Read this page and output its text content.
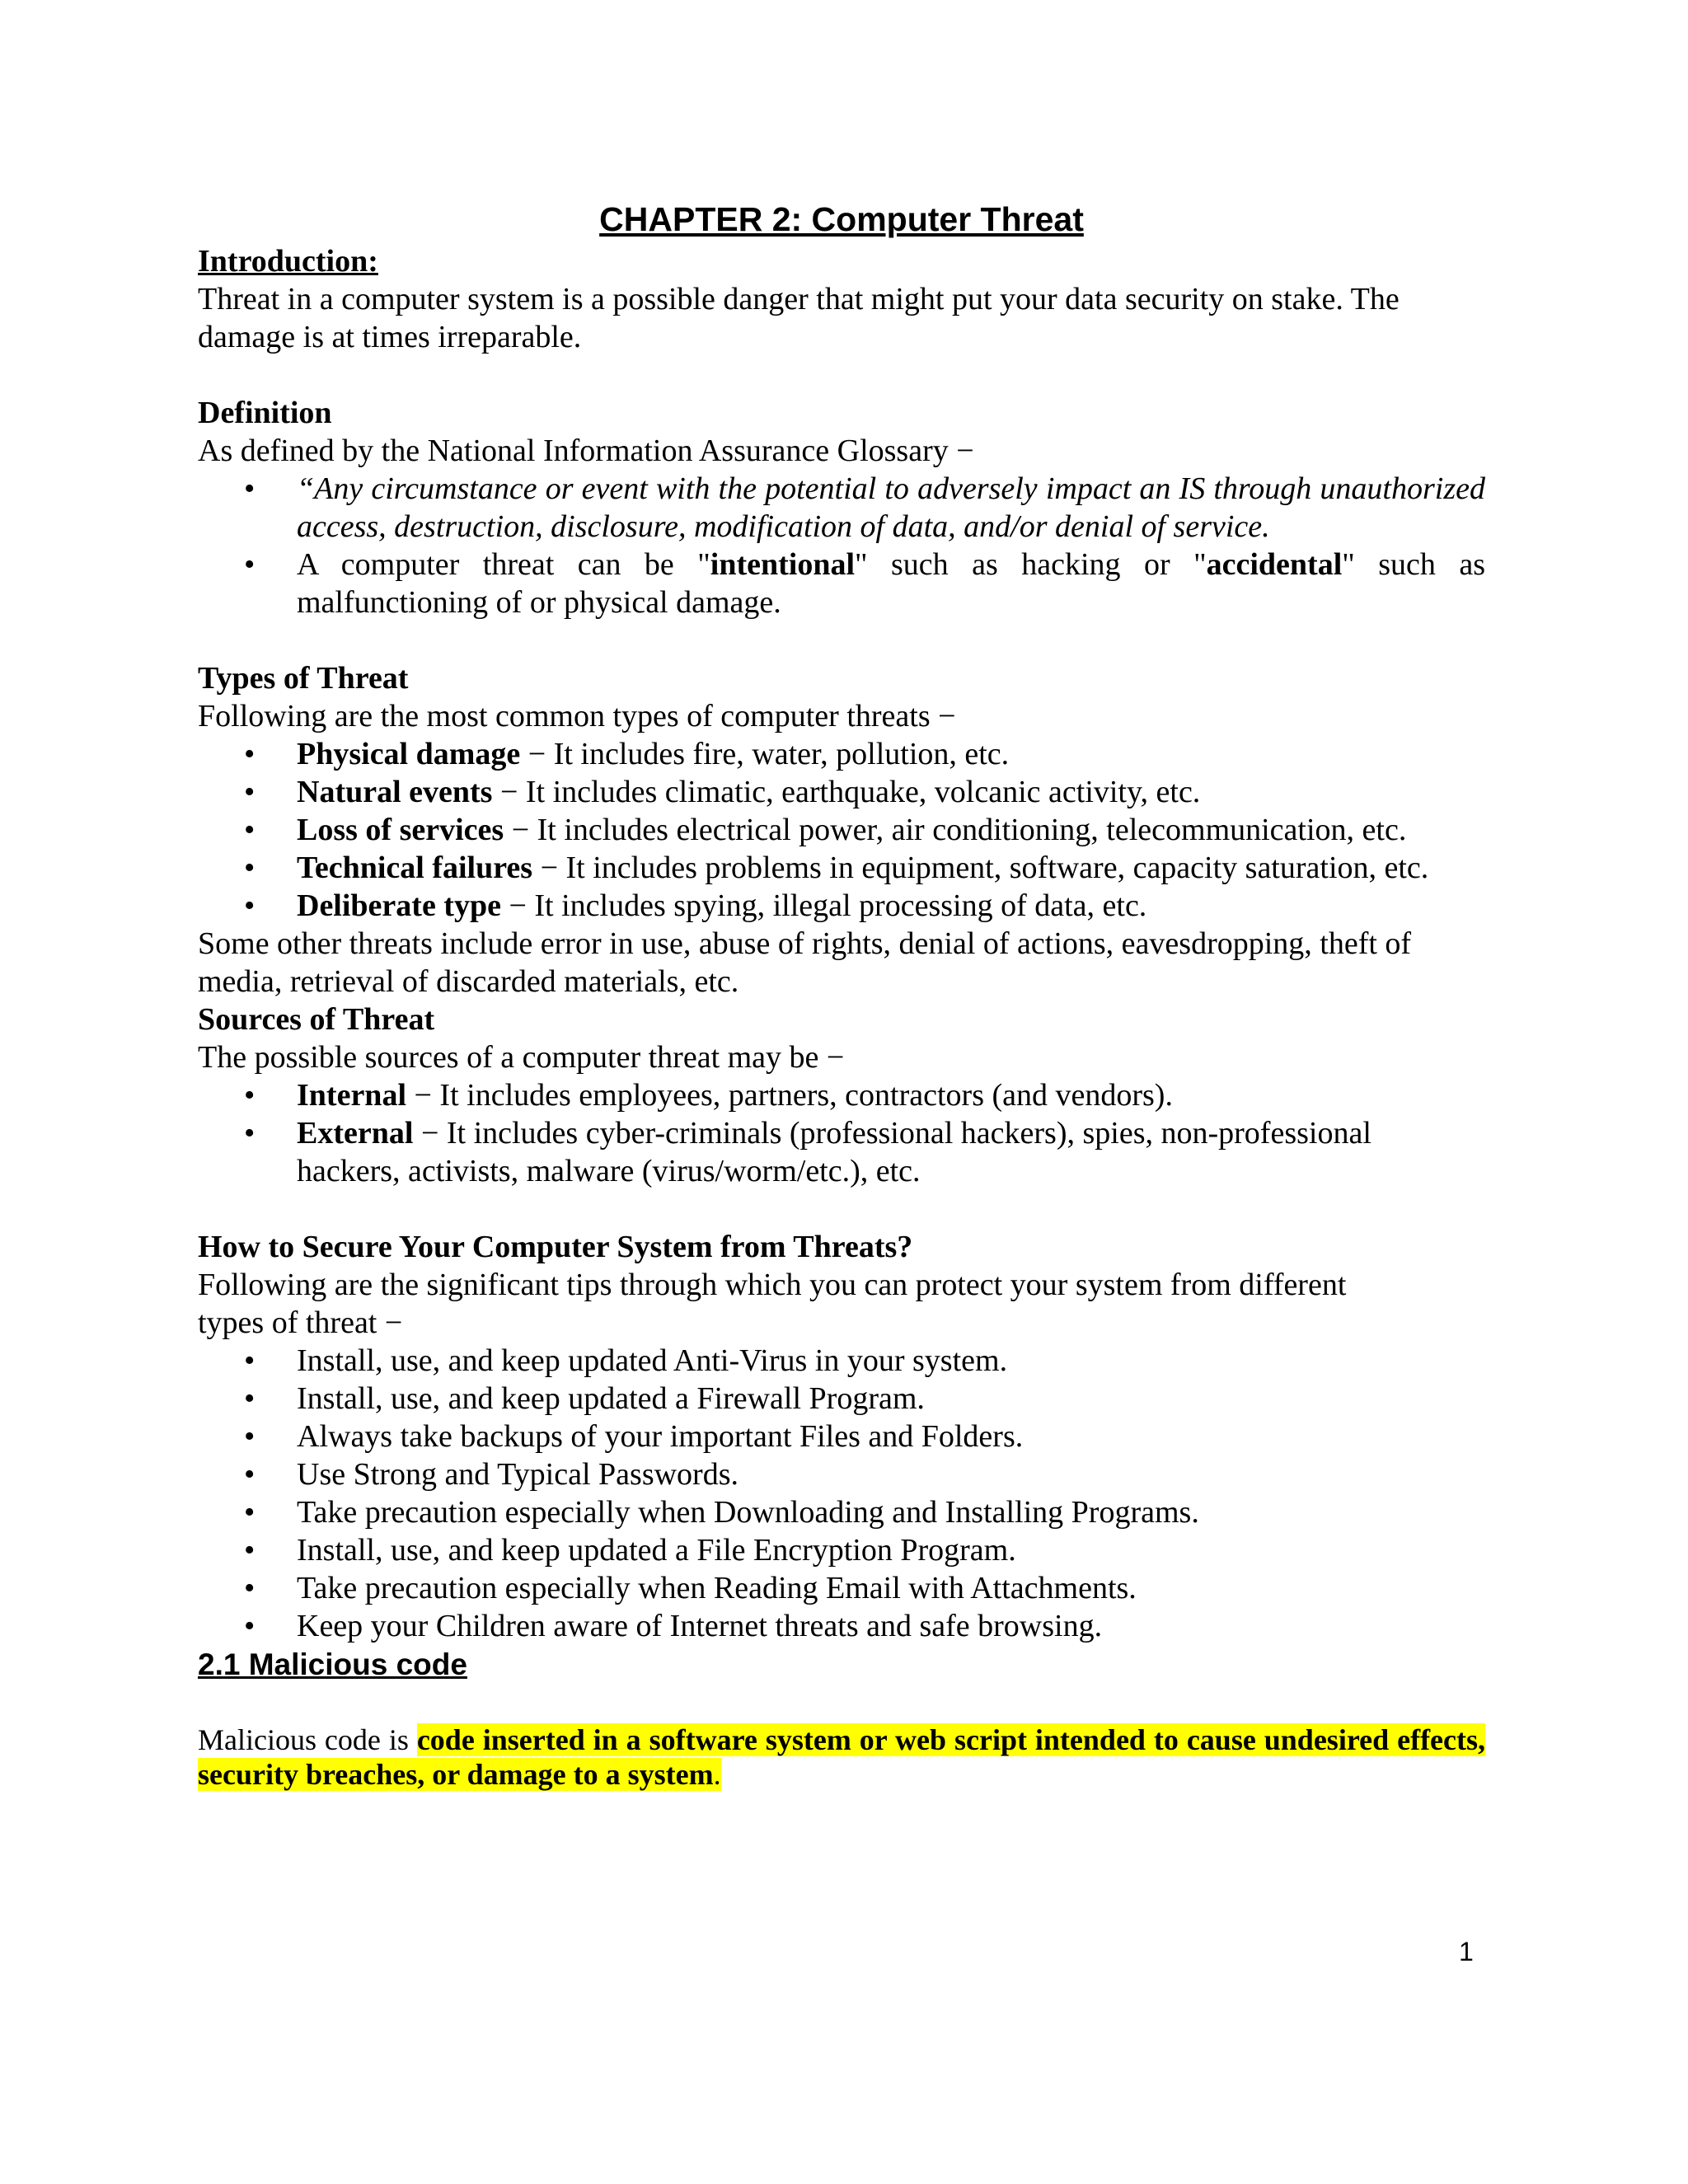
CHAPTER 2: Computer Threat

Introduction:

Threat in a computer system is a possible danger that might put your data security on stake. The damage is at times irreparable.

Definition

As defined by the National Information Assurance Glossary −

• “Any circumstance or event with the potential to adversely impact an IS through unauthorized access, destruction, disclosure, modification of data, and/or denial of service.
• A computer threat can be "intentional" such as hacking or "accidental" such as malfunctioning of or physical damage.

Types of Threat

Following are the most common types of computer threats −

• Physical damage − It includes fire, water, pollution, etc.
• Natural events − It includes climatic, earthquake, volcanic activity, etc.
• Loss of services − It includes electrical power, air conditioning, telecommunication, etc.
• Technical failures − It includes problems in equipment, software, capacity saturation, etc.
• Deliberate type − It includes spying, illegal processing of data, etc.

Some other threats include error in use, abuse of rights, denial of actions, eavesdropping, theft of media, retrieval of discarded materials, etc.

Sources of Threat

The possible sources of a computer threat may be −

• Internal − It includes employees, partners, contractors (and vendors).
• External − It includes cyber-criminals (professional hackers), spies, non-professional hackers, activists, malware (virus/worm/etc.), etc.

How to Secure Your Computer System from Threats?

Following are the significant tips through which you can protect your system from different types of threat −

• Install, use, and keep updated Anti-Virus in your system.
• Install, use, and keep updated a Firewall Program.
• Always take backups of your important Files and Folders.
• Use Strong and Typical Passwords.
• Take precaution especially when Downloading and Installing Programs.
• Install, use, and keep updated a File Encryption Program.
• Take precaution especially when Reading Email with Attachments.
• Keep your Children aware of Internet threats and safe browsing.

2.1 Malicious code

Malicious code is code inserted in a software system or web script intended to cause undesired effects, security breaches, or damage to a system.

1
